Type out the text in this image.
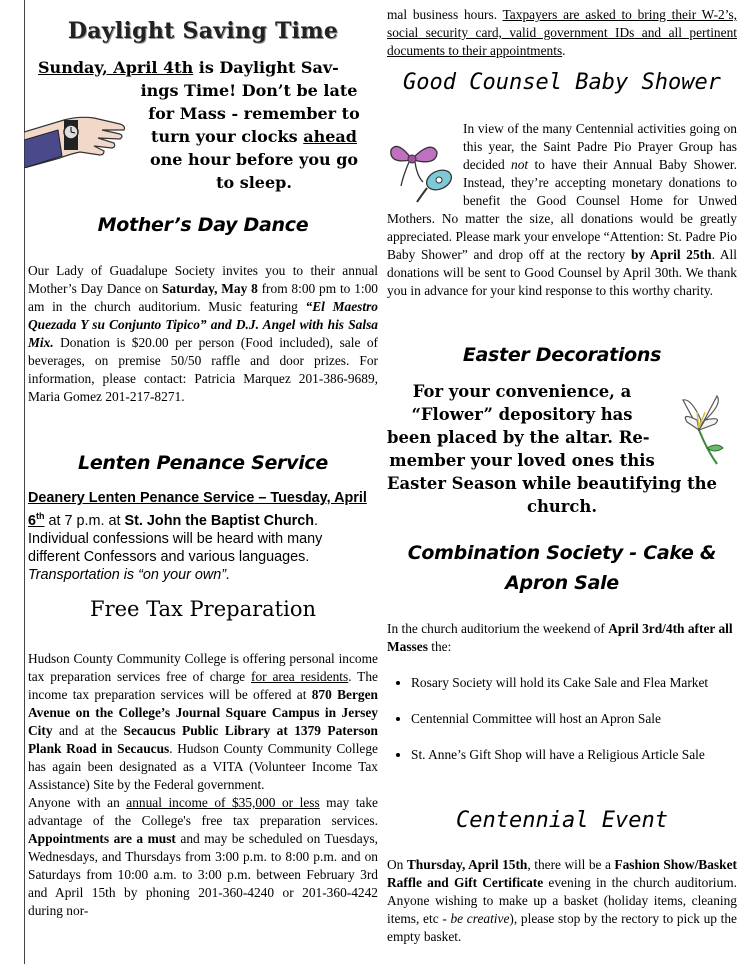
Daylight Saving Time
Sunday, April 4th is Daylight Sav-
ings Time! Don’t be late
for Mass - remember to
turn your clocks ahead
one hour before you go
to sleep.
Mother’s Day Dance

Our Lady of Guadalupe Society invites you to their annual Mother’s Day Dance on Saturday, May 8 from 8:00 pm to 1:00 am in the church auditorium. Music featuring “El Maestro Quezada Y su Conjunto Tipico” and D.J. Angel with his Salsa Mix. Donation is $20.00 per person (Food included), sale of beverages, on premise 50/50 raffle and door prizes. For information, please contact: Patricia Marquez 201-386-9689, Maria Gomez 201-217-8271.

Lenten Penance Service

Deanery Lenten Penance Service – Tuesday, April 6th at 7 p.m. at St. John the Baptist Church. Individual confessions will be heard with many different Confessors and various languages. Transportation is “on your own”.

Free Tax Preparation

Hudson County Community College is offering personal income tax preparation services free of charge for area residents. The income tax preparation services will be offered at 870 Bergen Avenue on the College’s Journal Square Campus in Jersey City and at the Secaucus Public Library at 1379 Paterson Plank Road in Secaucus. Hudson County Community College has again been designated as a VITA (Volunteer Income Tax Assistance) Site by the Federal government.

Anyone with an annual income of $35,000 or less may take advantage of the College's free tax preparation services. Appointments are a must and may be scheduled on Tuesdays, Wednesdays, and Thursdays from 3:00 p.m. to 8:00 p.m. and on Saturdays from 10:00 a.m. to 3:00 p.m. between February 3rd and April 15th by phoning 201-360-4240 or 201-360-4242 during nor-

mal business hours. Taxpayers are asked to bring their W-2’s, social security card, valid government IDs and all pertinent documents to their appointments.

Good Counsel Baby Shower

In view of the many Centennial activities going on this year, the Saint Padre Pio Prayer Group has decided not to have their Annual Baby Shower. Instead, they’re accepting monetary donations to benefit the Good Counsel Home for Unwed Mothers. No matter the size, all donations would be greatly appreciated. Please mark your envelope “Attention: St. Padre Pio Baby Shower” and drop off at the rectory by April 25th. All donations will be sent to Good Counsel by April 30th. We thank you in advance for your kind response to this worthy charity.

Easter Decorations
For your convenience, a
“Flower” depository has
been placed by the altar. Re-
member your loved ones this
Easter Season while beautifying the
church.
Combination Society - Cake & Apron Sale

In the church auditorium the weekend of April 3rd/4th after all Masses the:

• Rosary Society will hold its Cake Sale and Flea Market
• Centennial Committee will host an Apron Sale
• St. Anne’s Gift Shop will have a Religious Article Sale
Centennial Event

On Thursday, April 15th, there will be a Fashion Show/Basket Raffle and Gift Certificate evening in the church auditorium. Anyone wishing to make up a basket (holiday items, cleaning items, etc - be creative), please stop by the rectory to pick up the empty basket.
